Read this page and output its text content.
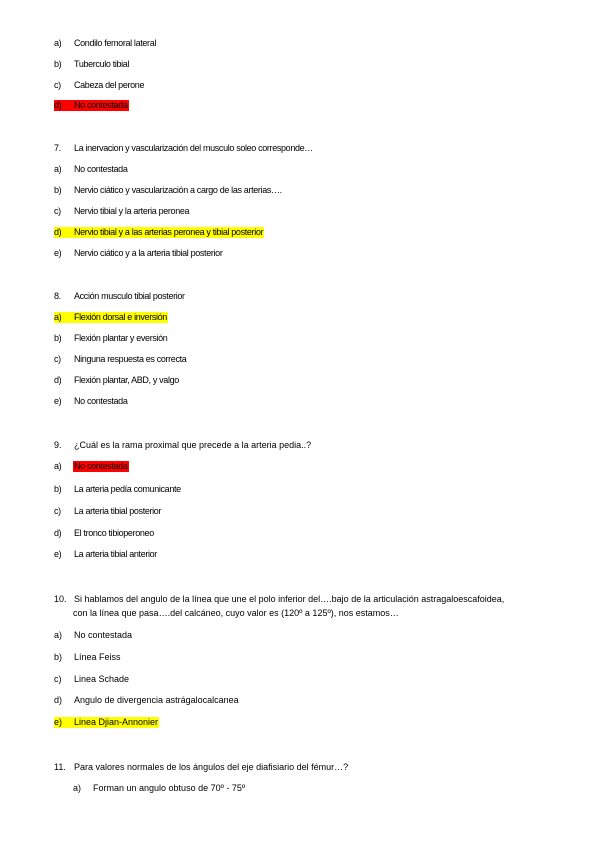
a) Condilo femoral lateral
b) Tuberculo tibial
c) Cabeza del perone
d) No contestada
7. La inervacion y vascularización del musculo soleo corresponde…
a) No contestada
b) Nervio ciático y vascularización a cargo de las arterias….
c) Nervio tibial y la arteria peronea
d) Nervio tibial y a las arterias peronea y tibial posterior
e) Nervio ciático y a la arteria tibial posterior
8. Acción musculo tibial posterior
a) Flexión dorsal e inversión
b) Flexión plantar y eversión
c) Ninguna respuesta es correcta
d) Flexión plantar, ABD, y valgo
e) No contestada
9. ¿Cuál es la rama proximal que precede a la arteria pedia..?
a) No contestada
b) La arteria pedía comunicante
c) La arteria tibial posterior
d) El tronco tibioperoneo
e) La arteria tibial anterior
10. Si hablamos del angulo de la línea que une el polo inferior del….bajo de la articulación astragaloescafoidea,
con la línea que pasa….del calcáneo, cuyo valor es (120º a 125º), nos estamos…
a) No contestada
b) Línea Feiss
c) Linea Schade
d) Angulo de divergencia astrágalocalcanea
e) Linea Djian-Annonier
11. Para valores normales de los ángulos del eje diafisiario del fémur…?
a) Forman un angulo obtuso de 70º - 75º
